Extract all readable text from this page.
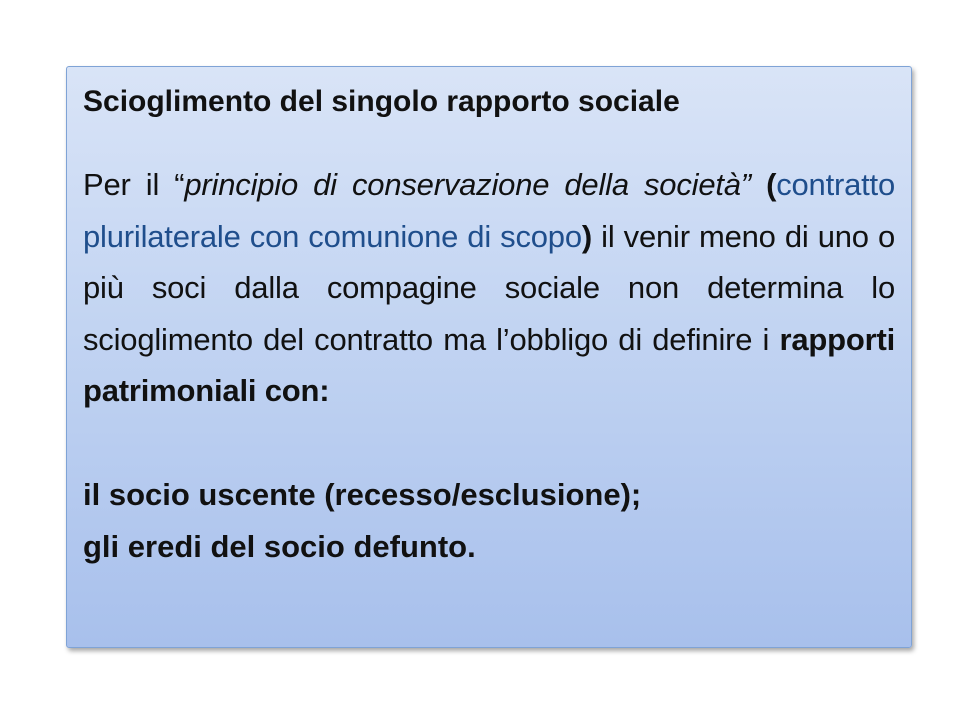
Scioglimento del singolo rapporto sociale

Per il “principio di conservazione della società” (contratto plurilaterale con comunione di scopo) il venir meno di uno o più soci dalla compagine sociale non determina lo scioglimento del contratto ma l’obbligo di definire i rapporti patrimoniali con:

il socio uscente (recesso/esclusione);

gli eredi del socio defunto.
